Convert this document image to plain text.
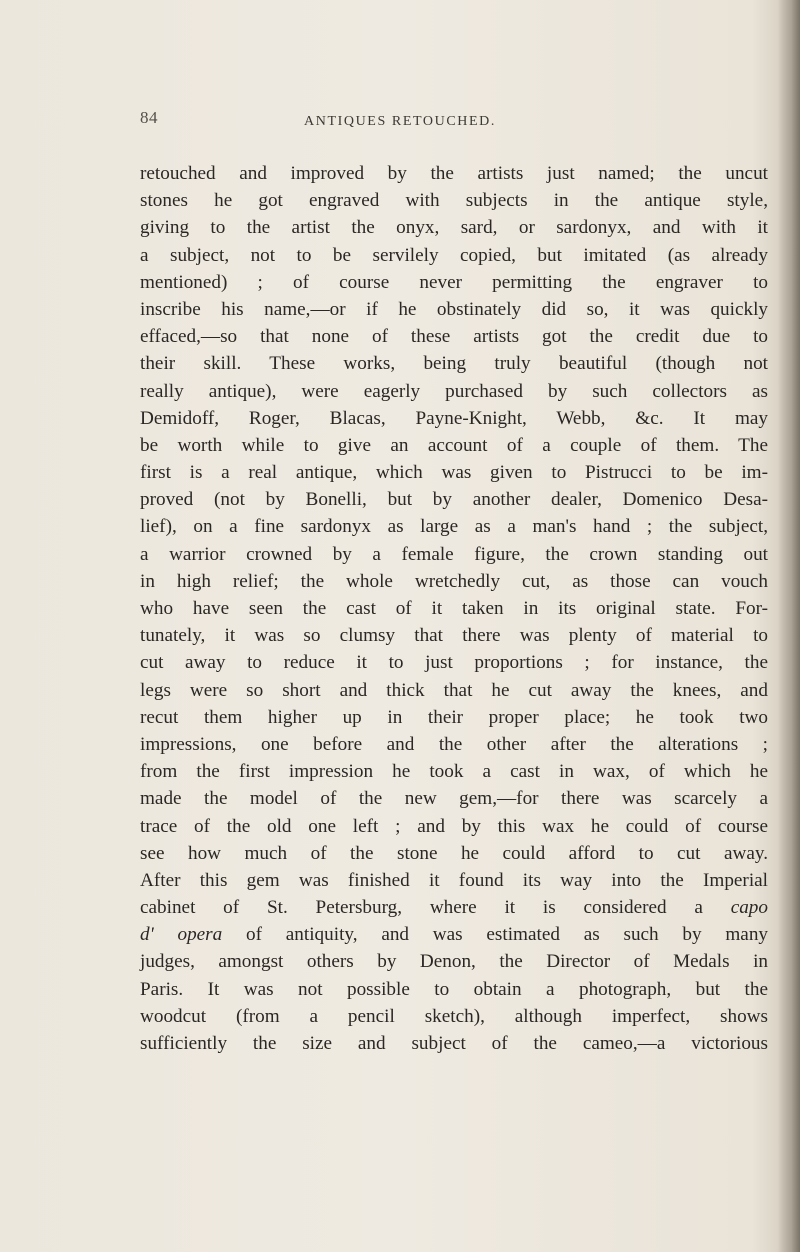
84	ANTIQUES RETOUCHED.
retouched and improved by the artists just named; the uncut
stones he got engraved with subjects in the antique style,
giving to the artist the onyx, sard, or sardonyx, and with it
a subject, not to be servilely copied, but imitated (as already
mentioned) ; of course never permitting the engraver to
inscribe his name,—or if he obstinately did so, it was quickly
effaced,—so that none of these artists got the credit due to
their skill. These works, being truly beautiful (though not
really antique), were eagerly purchased by such collectors as
Demidoff, Roger, Blacas, Payne-Knight, Webb, &c. It may
be worth while to give an account of a couple of them. The
first is a real antique, which was given to Pistrucci to be im-
proved (not by Bonelli, but by another dealer, Domenico Desa-
lief), on a fine sardonyx as large as a man's hand ; the subject,
a warrior crowned by a female figure, the crown standing out
in high relief; the whole wretchedly cut, as those can vouch
who have seen the cast of it taken in its original state. For-
tunately, it was so clumsy that there was plenty of material to
cut away to reduce it to just proportions ; for instance, the
legs were so short and thick that he cut away the knees, and
recut them higher up in their proper place; he took two
impressions, one before and the other after the alterations ;
from the first impression he took a cast in wax, of which he
made the model of the new gem,—for there was scarcely a
trace of the old one left ; and by this wax he could of course
see how much of the stone he could afford to cut away.
After this gem was finished it found its way into the Imperial
cabinet of St. Petersburg, where it is considered a capo
d' opera of antiquity, and was estimated as such by many
judges, amongst others by Denon, the Director of Medals in
Paris. It was not possible to obtain a photograph, but the
woodcut (from a pencil sketch), although imperfect, shows
sufficiently the size and subject of the cameo,—a victorious
